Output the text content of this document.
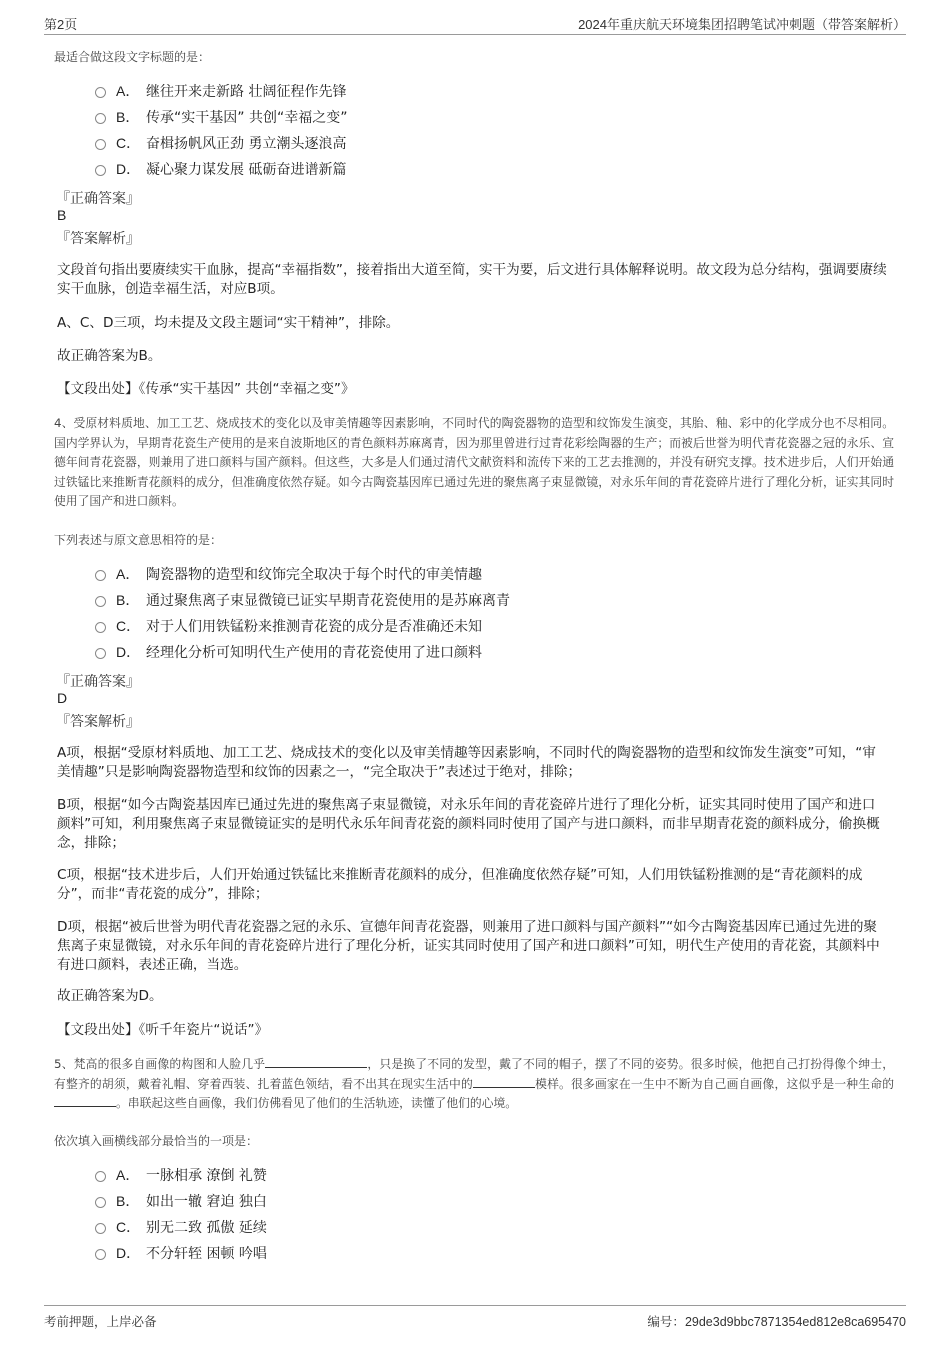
第2页	2024年重庆航天环境集团招聘笔试冲刺题（带答案解析）
最适合做这段文字标题的是：
A． 继往开来走新路 壮阔征程作先锋
B． 传承“实干基因” 共创“幸福之变”
C． 奋楫扬帆风正劲 勇立潮头逐浪高
D． 凝心聚力谋发展 砥砺奋进谱新篇
『正确答案』
B
『答案解析』
文段首句指出要赓续实干血脉，提高“幸福指数”，接着指出大道至简，实干为要，后文进行具体解释说明。故文段为总分结构，强调要赓续实干血脉，创造幸福生活，对应B项。
A、C、D三项，均未提及文段主题词“实干精神”，排除。
故正确答案为B。
【文段出处】《传承“实干基因” 共创“幸福之变”》
4、受原材料质地、加工工艺、烧成技术的变化以及审美情趣等因素影响，不同时代的陶瓷器物的造型和纹饰发生演变，其胎、釉、彩中的化学成分也不尽相同。国内学界认为，早期青花瓷生产使用的是来自波斯地区的青色颜料苏麻离青，因为那里曾进行过青花彩绘陶器的生产；而被后世誉为明代青花瓷器之冠的永乐、宣德年间青花瓷器，则兼用了进口颜料与国产颜料。但这些，大多是人们通过清代文献资料和流传下来的工艺去推测的，并没有研究支撑。技术进步后，人们开始通过铁锰比来推断青花颜料的成分，但准确度依然存疑。如今古陶瓷基因库已通过先进的聚焦离子束显微镜，对永乐年间的青花瓷碎片进行了理化分析，证实其同时使用了国产和进口颜料。
下列表述与原文意思相符的是：
A． 陶瓷器物的造型和纹饰完全取决于每个时代的审美情趣
B． 通过聚焦离子束显微镜已证实早期青花瓷使用的是苏麻离青
C． 对于人们用铁锰粉来推测青花瓷的成分是否准确还未知
D． 经理化分析可知明代生产使用的青花瓷使用了进口颜料
『正确答案』
D
『答案解析』
A项，根据“受原材料质地、加工工艺、烧成技术的变化以及审美情趣等因素影响，不同时代的陶瓷器物的造型和纹饰发生演变”可知，“审美情趣”只是影响陶瓷器物造型和纹饰的因素之一，“完全取决于”表述过于绝对，排除；
B项，根据“如今古陶瓷基因库已通过先进的聚焦离子束显微镜，对永乐年间的青花瓷碎片进行了理化分析，证实其同时使用了国产和进口颜料”可知，利用聚焦离子束显微镜证实的是明代永乐年间青花瓷的颜料同时使用了国产与进口颜料，而非早期青花瓷的颜料成分，偷换概念，排除；
C项，根据“技术进步后，人们开始通过铁锰比来推断青花颜料的成分，但准确度依然存疑”可知，人们用铁锰粉推测的是“青花颜料的成分”，而非“青花瓷的成分”，排除；
D项，根据“被后世誉为明代青花瓷器之冠的永乐、宣德年间青花瓷器，则兼用了进口颜料与国产颜料”“如今古陶瓷基因库已通过先进的聚焦离子束显微镜，对永乐年间的青花瓷碎片进行了理化分析，证实其同时使用了国产和进口颜料”可知，明代生产使用的青花瓷，其颜料中有进口颜料，表述正确，当选。
故正确答案为D。
【文段出处】《听千年瓷片“说话”》
5、梵高的很多自画像的构图和人脸几乎	，只是换了不同的发型，戴了不同的帽子，摆了不同的姿势。很多时候，他把自己打扮得像个绅士，有整齐的胡须，戴着礼帽、穿着西装、扎着蓝色领结，看不出其在现实生活中的	模样。很多画家在一生中不断为自己画自画像，这似乎是一种生命的。串联起这些自画像，我们仿佛看见了他们的生活轨迹，读懂了他们的心境。
依次填入画横线部分最恰当的一项是：
A． 一脉相承 潦倒 礼赞
B． 如出一辙 窘迫 独白
C． 别无二致 孤傲 延续
D． 不分轩轾 困顿 吟唱
考前押题，上岸必备	编号：29de3d9bbc7871354ed812e8ca695470
